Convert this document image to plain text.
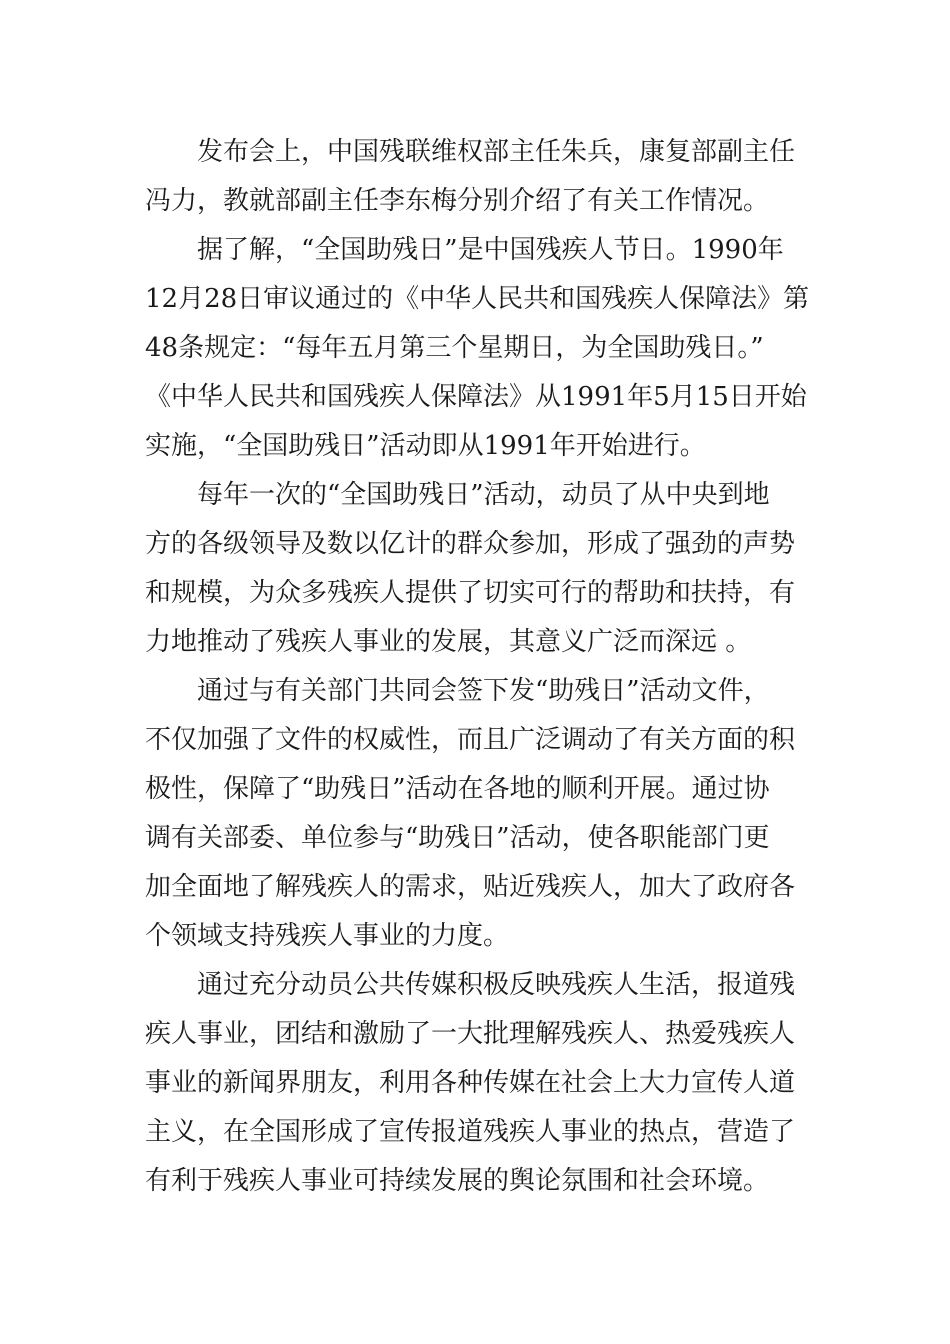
发布会上，中国残联维权部主任朱兵，康复部副主任
冯力，教就部副主任李东梅分别介绍了有关工作情况。
据了解，“全国助残日”是中国残疾人节日。1990年
12月28日审议通过的《中华人民共和国残疾人保障法》第
48条规定：“每年五月第三个星期日，为全国助残日。”
《中华人民共和国残疾人保障法》从1991年5月15日开始
实施，“全国助残日”活动即从1991年开始进行。
每年一次的“全国助残日”活动，动员了从中央到地
方的各级领导及数以亿计的群众参加，形成了强劲的声势
和规模，为众多残疾人提供了切实可行的帮助和扶持，有
力地推动了残疾人事业的发展，其意义广泛而深远 。
通过与有关部门共同会签下发“助残日”活动文件，
不仅加强了文件的权威性，而且广泛调动了有关方面的积
极性，保障了“助残日”活动在各地的顺利开展。通过协
调有关部委、单位参与“助残日”活动，使各职能部门更
加全面地了解残疾人的需求，贴近残疾人，加大了政府各
个领域支持残疾人事业的力度。
通过充分动员公共传媒积极反映残疾人生活，报道残
疾人事业，团结和激励了一大批理解残疾人、热爱残疾人
事业的新闻界朋友，利用各种传媒在社会上大力宣传人道
主义，在全国形成了宣传报道残疾人事业的热点，营造了
有利于残疾人事业可持续发展的舆论氛围和社会环境。
